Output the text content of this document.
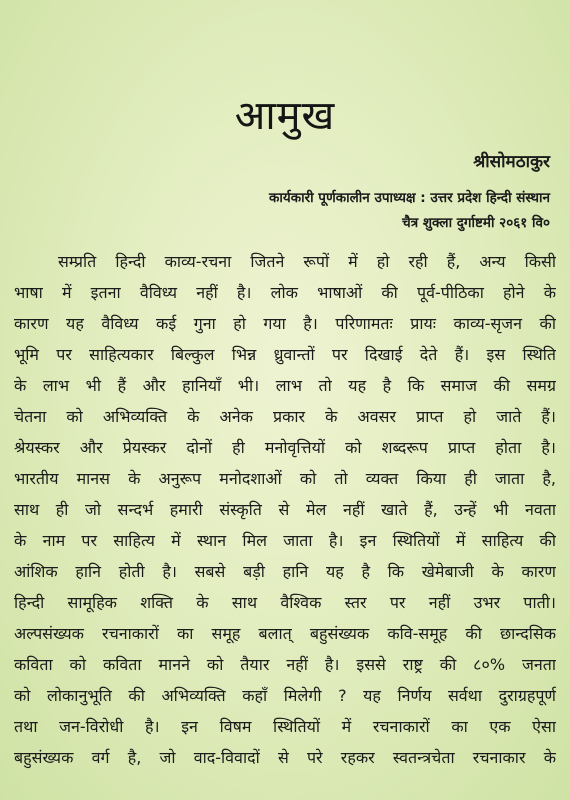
आमुख
श्रीसोमठाकुर
कार्यकारी पूर्णकालीन उपाध्यक्ष : उत्तर प्रदेश हिन्दी संस्थान
चैत्र शुक्ला दुर्गाष्टमी २०६१ वि०
सम्प्रति हिन्दी काव्य-रचना जितने रूपों में हो रही हैं, अन्य किसी
भाषा में इतना वैविध्य नहीं है। लोक भाषाओं की पूर्व-पीठिका होने के
कारण यह वैविध्य कई गुना हो गया है। परिणामतः प्रायः काव्य-सृजन की
भूमि पर साहित्यकार बिल्कुल भिन्न ध्रुवान्तों पर दिखाई देते हैं। इस स्थिति
के लाभ भी हैं और हानियाँ भी। लाभ तो यह है कि समाज की समग्र
चेतना को अभिव्यक्ति के अनेक प्रकार के अवसर प्राप्त हो जाते हैं।
श्रेयस्कर और प्रेयस्कर दोनों ही मनोवृत्तियों को शब्दरूप प्राप्त होता है।
भारतीय मानस के अनुरूप मनोदशाओं को तो व्यक्त किया ही जाता है,
साथ ही जो सन्दर्भ हमारी संस्कृति से मेल नहीं खाते हैं, उन्हें भी नवता
के नाम पर साहित्य में स्थान मिल जाता है। इन स्थितियों में साहित्य की
आंशिक हानि होती है। सबसे बड़ी हानि यह है कि खेमेबाजी के कारण
हिन्दी सामूहिक शक्ति के साथ वैश्विक स्तर पर नहीं उभर पाती।
अल्पसंख्यक रचनाकारों का समूह बलात् बहुसंख्यक कवि-समूह की छान्दसिक
कविता को कविता मानने को तैयार नहीं है। इससे राष्ट्र की ८०% जनता
को लोकानुभूति की अभिव्यक्ति कहाँ मिलेगी ? यह निर्णय सर्वथा दुराग्रहपूर्ण
तथा जन-विरोधी है। इन विषम स्थितियों में रचनाकारों का एक ऐसा
बहुसंख्यक वर्ग है, जो वाद-विवादों से परे रहकर स्वतन्त्रचेता रचनाकार के
